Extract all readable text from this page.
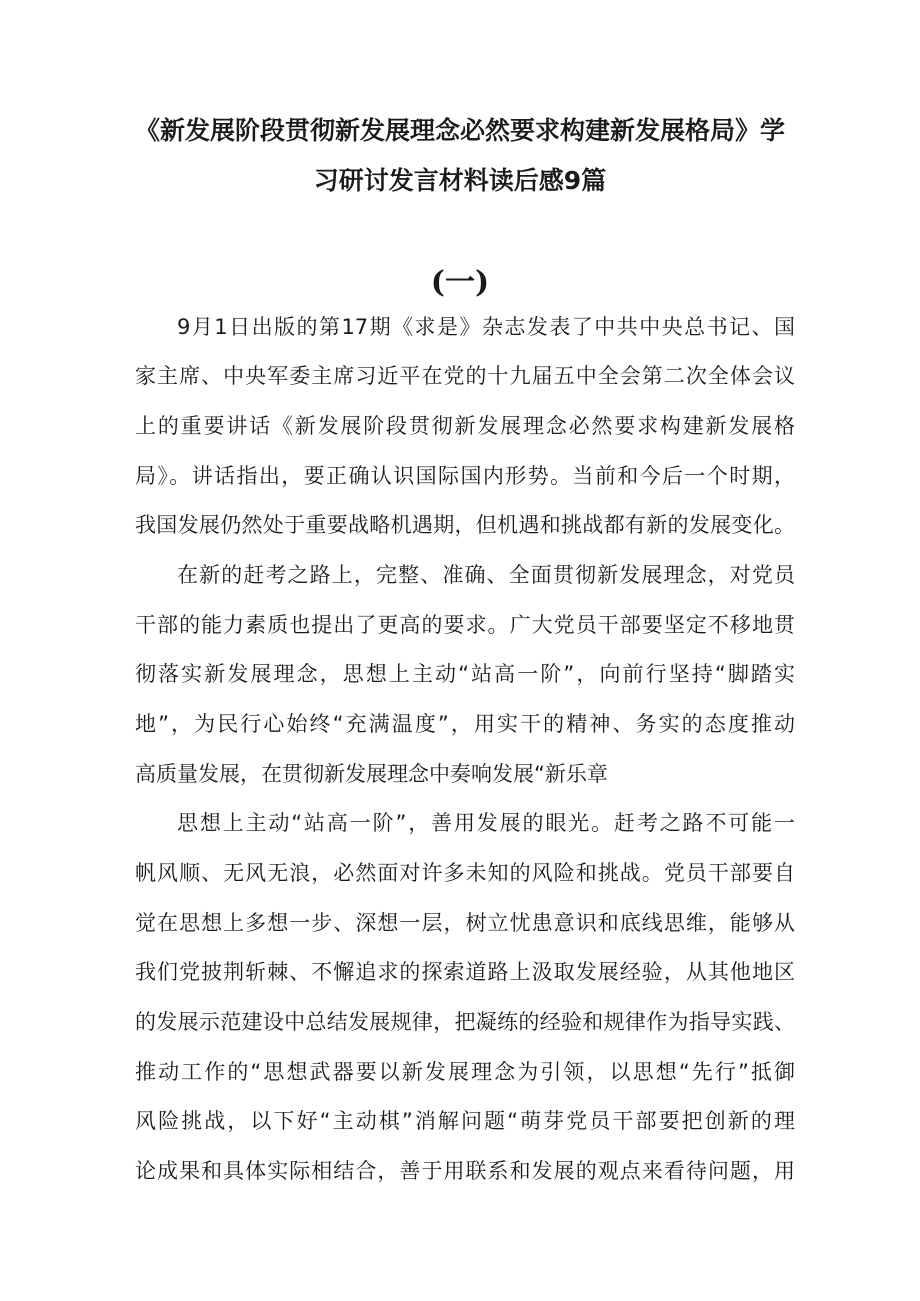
《新发展阶段贯彻新发展理念必然要求构建新发展格局》学
习研讨发言材料读后感9篇
(一)

9月1日出版的第17期《求是》杂志发表了中共中央总书记、国

家主席、中央军委主席习近平在党的十九届五中全会第二次全体会议

上的重要讲话《新发展阶段贯彻新发展理念必然要求构建新发展格

局》。讲话指出，要正确认识国际国内形势。当前和今后一个时期，

我国发展仍然处于重要战略机遇期，但机遇和挑战都有新的发展变化。

在新的赶考之路上，完整、准确、全面贯彻新发展理念，对党员

干部的能力素质也提出了更高的要求。广大党员干部要坚定不移地贯

彻落实新发展理念，思想上主动“站高一阶”，向前行坚持“脚踏实

地”，为民行心始终“充满温度”，用实干的精神、务实的态度推动

高质量发展，在贯彻新发展理念中奏响发展“新乐章

思想上主动“站高一阶”，善用发展的眼光。赶考之路不可能一

帆风顺、无风无浪，必然面对许多未知的风险和挑战。党员干部要自

觉在思想上多想一步、深想一层，树立忧患意识和底线思维，能够从

我们党披荆斩棘、不懈追求的探索道路上汲取发展经验，从其他地区

的发展示范建设中总结发展规律，把凝练的经验和规律作为指导实践、

推动工作的“思想武器要以新发展理念为引领，以思想“先行”抵御

风险挑战，以下好“主动棋”消解问题“萌芽党员干部要把创新的理

论成果和具体实际相结合，善于用联系和发展的观点来看待问题，用
